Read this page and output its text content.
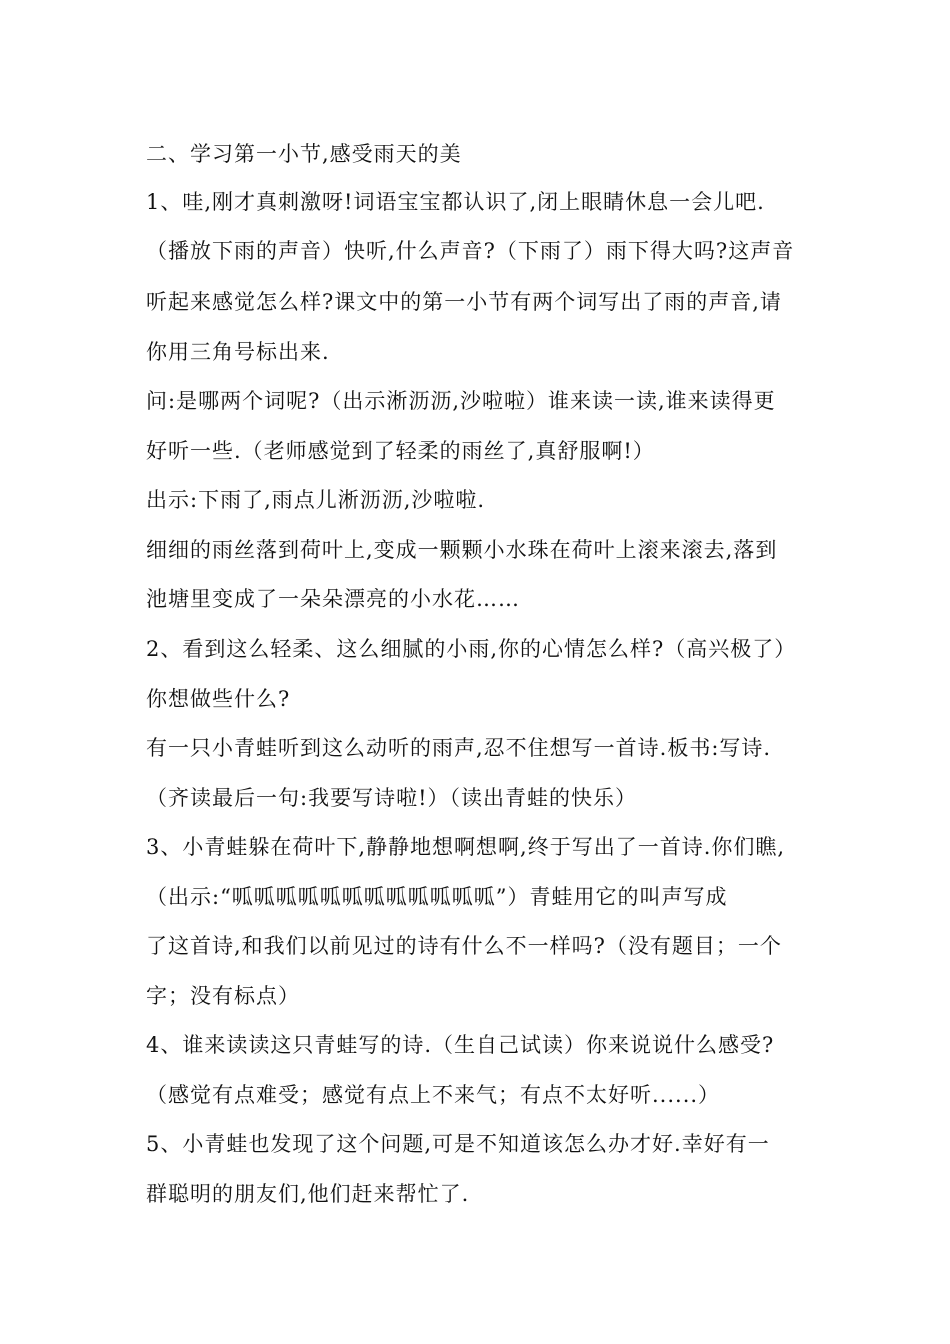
二、学习第一小节,感受雨天的美
1、哇,刚才真刺激呀!词语宝宝都认识了,闭上眼睛休息一会儿吧.
（播放下雨的声音）快听,什么声音?（下雨了）雨下得大吗?这声音
听起来感觉怎么样?课文中的第一小节有两个词写出了雨的声音,请
你用三角号标出来.
问:是哪两个词呢?（出示淅沥沥,沙啦啦）谁来读一读,谁来读得更
好听一些.（老师感觉到了轻柔的雨丝了,真舒服啊!）
出示:下雨了,雨点儿淅沥沥,沙啦啦.
细细的雨丝落到荷叶上,变成一颗颗小水珠在荷叶上滚来滚去,落到
池塘里变成了一朵朵漂亮的小水花……
2、看到这么轻柔、这么细腻的小雨,你的心情怎么样?（高兴极了）
你想做些什么?
有一只小青蛙听到这么动听的雨声,忍不住想写一首诗.板书:写诗.
（齐读最后一句:我要写诗啦!）（读出青蛙的快乐）
3、小青蛙躲在荷叶下,静静地想啊想啊,终于写出了一首诗.你们瞧,
（出示:“呱呱呱呱呱呱呱呱呱呱呱呱”）青蛙用它的叫声写成
了这首诗,和我们以前见过的诗有什么不一样吗?（没有题目；一个
字；没有标点）
4、谁来读读这只青蛙写的诗.（生自己试读）你来说说什么感受?
（感觉有点难受；感觉有点上不来气；有点不太好听......）
5、小青蛙也发现了这个问题,可是不知道该怎么办才好.幸好有一
群聪明的朋友们,他们赶来帮忙了.
